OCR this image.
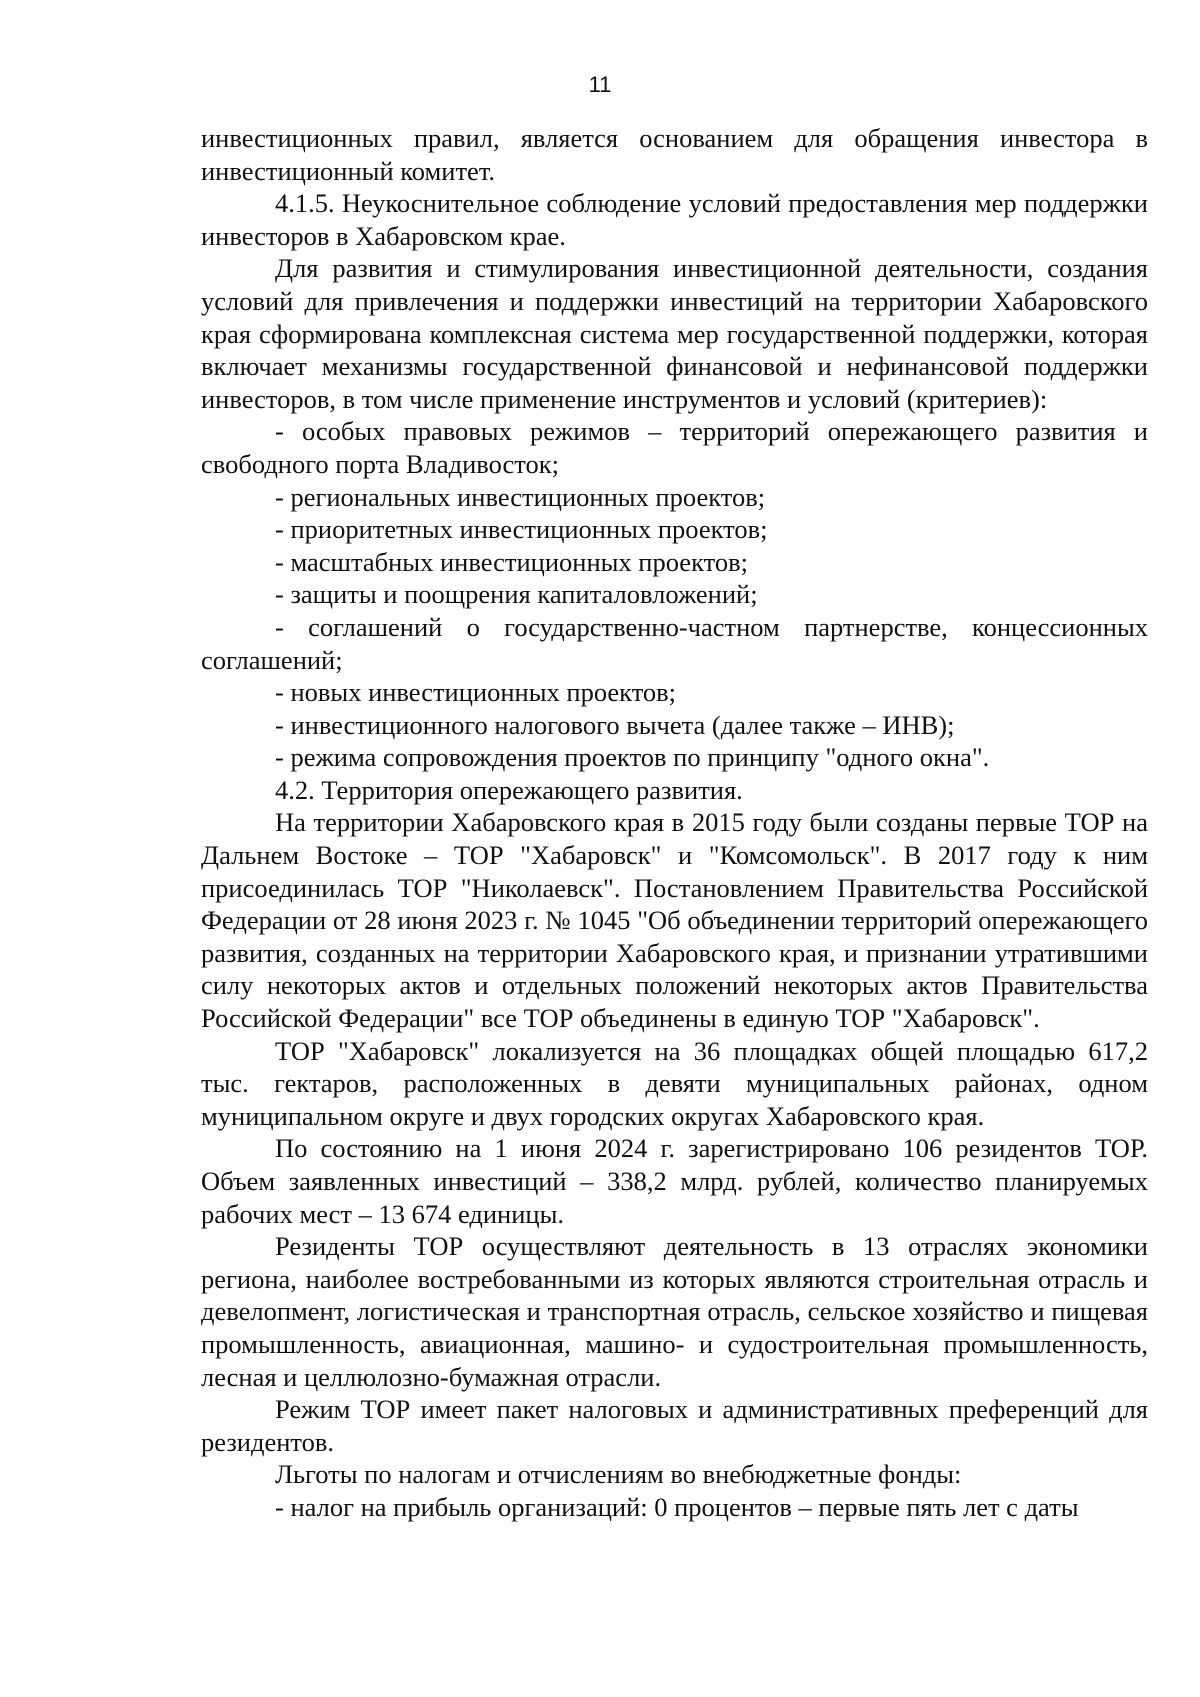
11

инвестиционных правил, является основанием для обращения инвестора в инвестиционный комитет.

4.1.5. Неукоснительное соблюдение условий предоставления мер поддержки инвесторов в Хабаровском крае.

Для развития и стимулирования инвестиционной деятельности, создания условий для привлечения и поддержки инвестиций на территории Хабаровского края сформирована комплексная система мер государственной поддержки, которая включает механизмы государственной финансовой и нефинансовой поддержки инвесторов, в том числе применение инструментов и условий (критериев):

- особых правовых режимов – территорий опережающего развития и свободного порта Владивосток;

- региональных инвестиционных проектов;

- приоритетных инвестиционных проектов;

- масштабных инвестиционных проектов;

- защиты и поощрения капиталовложений;

- соглашений о государственно-частном партнерстве, концессионных соглашений;

- новых инвестиционных проектов;

- инвестиционного налогового вычета (далее также – ИНВ);

- режима сопровождения проектов по принципу "одного окна".

4.2. Территория опережающего развития.

На территории Хабаровского края в 2015 году были созданы первые ТОР на Дальнем Востоке – ТОР "Хабаровск" и "Комсомольск". В 2017 году к ним присоединилась ТОР "Николаевск". Постановлением Правительства Российской Федерации от 28 июня 2023 г. № 1045 "Об объединении территорий опережающего развития, созданных на территории Хабаровского края, и признании утратившими силу некоторых актов и отдельных положений некоторых актов Правительства Российской Федерации" все ТОР объединены в единую ТОР "Хабаровск".

ТОР "Хабаровск" локализуется на 36 площадках общей площадью 617,2 тыс. гектаров, расположенных в девяти муниципальных районах, одном муниципальном округе и двух городских округах Хабаровского края.

По состоянию на 1 июня 2024 г. зарегистрировано 106 резидентов ТОР. Объем заявленных инвестиций – 338,2 млрд. рублей, количество планируемых рабочих мест – 13 674 единицы.

Резиденты ТОР осуществляют деятельность в 13 отраслях экономики региона, наиболее востребованными из которых являются строительная отрасль и девелопмент, логистическая и транспортная отрасль, сельское хозяйство и пищевая промышленность, авиационная, машино- и судостроительная промышленность, лесная и целлюлозно-бумажная отрасли.

Режим ТОР имеет пакет налоговых и административных преференций для резидентов.

Льготы по налогам и отчислениям во внебюджетные фонды:

- налог на прибыль организаций: 0 процентов – первые пять лет с даты
